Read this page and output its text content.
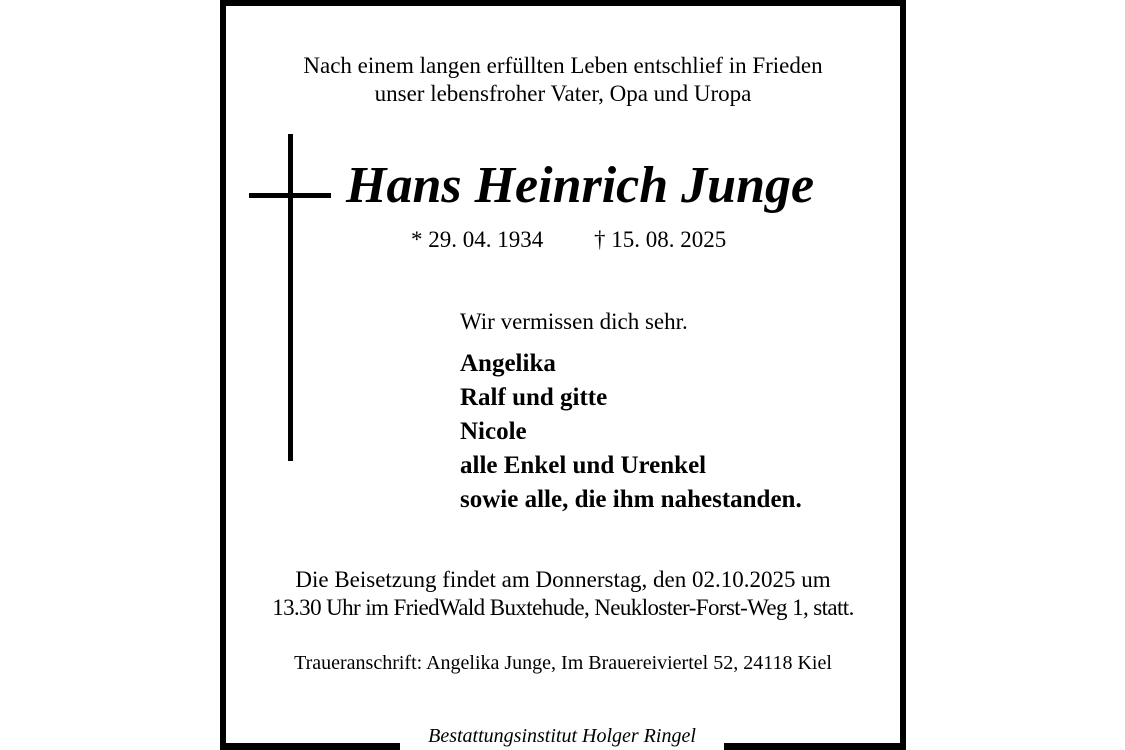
Nach einem langen erfüllten Leben entschlief in Frieden
unser lebensfroher Vater, Opa und Uropa
Hans Heinrich Junge
* 29. 04. 1934 † 15. 08. 2025
Wir vermissen dich sehr.
Angelika
Ralf und gitte
Nicole
alle Enkel und Urenkel
sowie alle, die ihm nahestanden.
Die Beisetzung findet am Donnerstag, den 02.10.2025 um
13.30 Uhr im FriedWald Buxtehude, Neukloster-Forst-Weg 1, statt.
Traueranschrift: Angelika Junge, Im Brauereiviertel 52, 24118 Kiel
Bestattungsinstitut Holger Ringel
